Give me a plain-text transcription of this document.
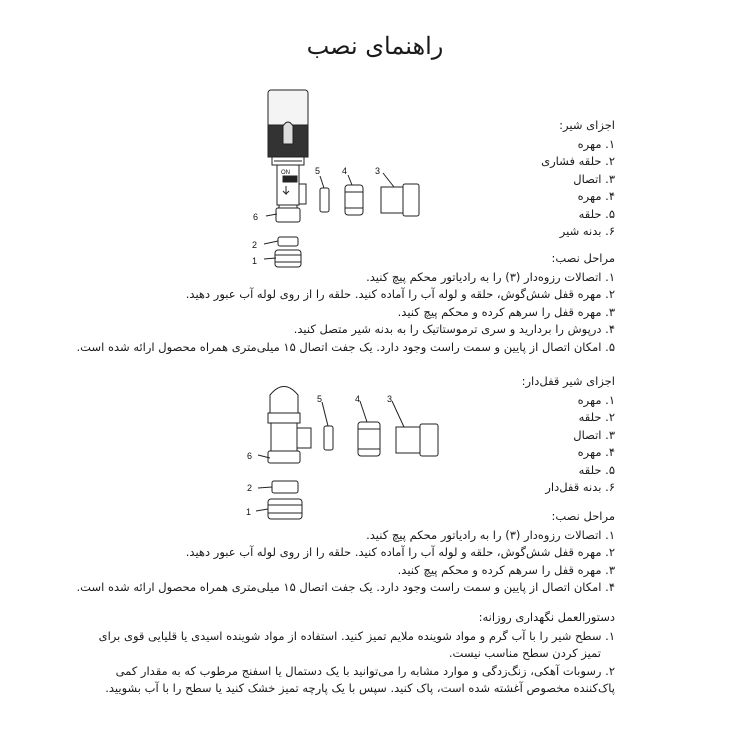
راهنمای نصب
اجزای شیر:
۱. مهره
۲. حلقه فشاری
۳. اتصال
۴. مهره
۵. حلقه
۶. بدنه شیر
مراحل نصب:
۱. اتصالات رزوه‌دار (۳) را به رادیاتور محکم پیچ کنید.
۲. مهره قفل شش‌گوش، حلقه و لوله آب را آماده کنید. حلقه را از روی لوله آب عبور دهید.
۳. مهره قفل را سرهم کرده و محکم پیچ کنید.
۴. درپوش را بردارید و سری ترموستاتیک را به بدنه شیر متصل کنید.
۵. امکان اتصال از پایین و سمت راست وجود دارد. یک جفت اتصال ۱۵ میلی‌متری همراه محصول ارائه شده است.
اجزای شیر قفل‌دار:
۱. مهره
۲. حلقه
۳. اتصال
۴. مهره
۵. حلقه
۶. بدنه قفل‌دار
مراحل نصب:
۱. اتصالات رزوه‌دار (۳) را به رادیاتور محکم پیچ کنید.
۲. مهره قفل شش‌گوش، حلقه و لوله آب را آماده کنید. حلقه را از روی لوله آب عبور دهید.
۳. مهره قفل را سرهم کرده و محکم پیچ کنید.
۴. امکان اتصال از پایین و سمت راست وجود دارد. یک جفت اتصال ۱۵ میلی‌متری همراه محصول ارائه شده است.
دستورالعمل نگهداری روزانه:
۱. سطح شیر را با آب گرم و مواد شوینده ملایم تمیز کنید. استفاده از مواد شوینده اسیدی یا قلیایی قوی برای
تمیز کردن سطح مناسب نیست.
۲. رسوبات آهکی، زنگ‌زدگی و موارد مشابه را می‌توانید با یک دستمال یا اسفنج مرطوب که به مقدار کمی
پاک‌کننده مخصوص آغشته شده است، پاک کنید. سپس با یک پارچه تمیز خشک کنید یا سطح را با آب بشویید.
1
2
6
5 4	3
ON
6
5	4	3
2
1
